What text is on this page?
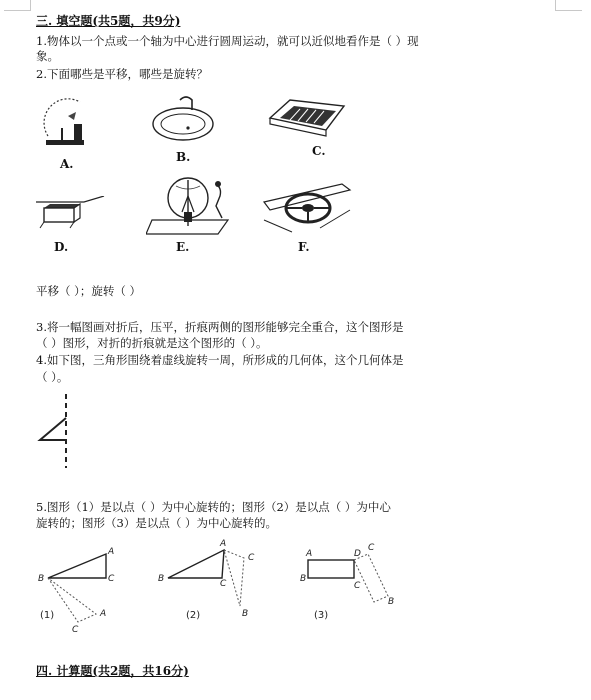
三. 填空题(共5题，共9分)
1.物体以一个点或一个轴为中心进行圆周运动，就可以近似地看作是（ ）现
象。
2.下面哪些是平移，哪些是旋转？
A.	B.	C.
D.	E.	F.
平移（ ）；旋转（ ）
3.将一幅图画对折后，压平，折痕两侧的图形能够完全重合，这个图形是
（ ）图形，对折的折痕就是这个图形的（ ）。
4.如下图，三角形围绕着虚线旋转一周，所形成的几何体，这个几何体是
（ ）。
5.图形（1）是以点（ ）为中心旋转的；图形（2）是以点（ ）为中心
旋转的；图形（3）是以点（ ）为中心旋转的。
A
B	C
C
A
(1)
A
B	C
C
B
(2)
A	D
C
B
C
B
(3)
四. 计算题(共2题，共16分)
